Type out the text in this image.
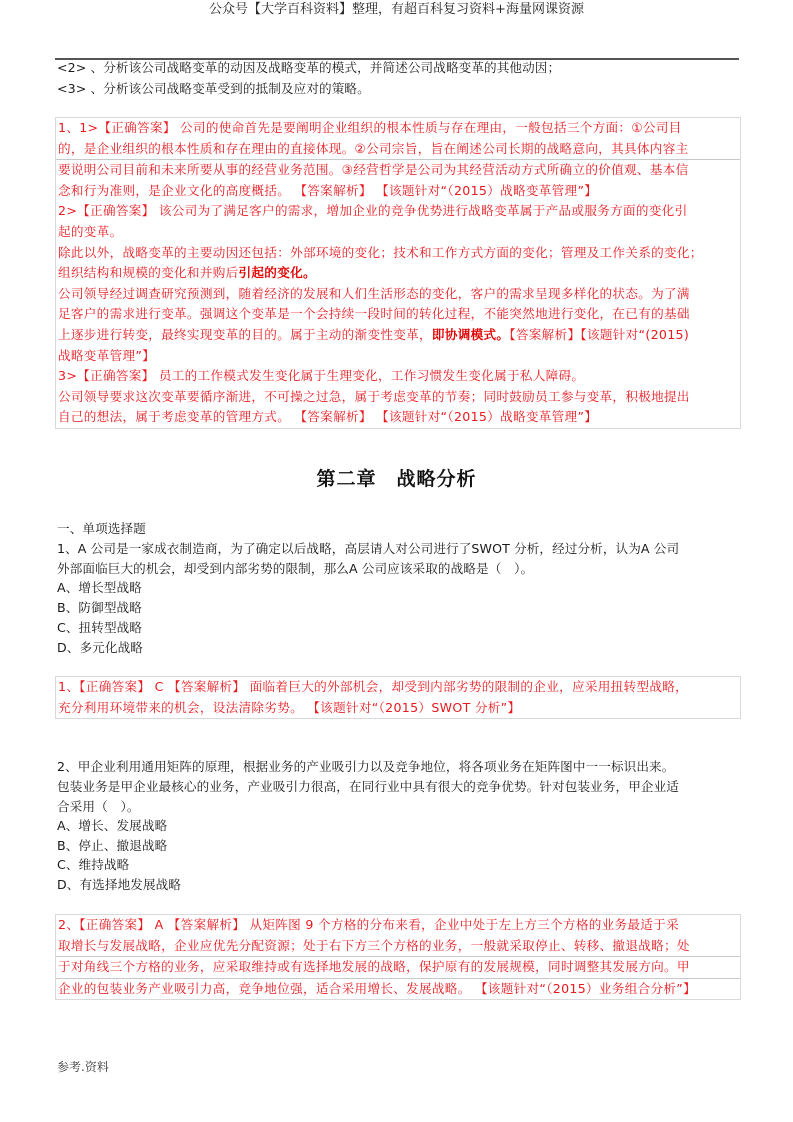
公众号【大学百科资料】整理，有超百科复习资料+海量网课资源
<2> 、分析该公司战略变革的动因及战略变革的模式，并简述公司战略变革的其他动因；
<3> 、分析该公司战略变革受到的抵制及应对的策略。
1、1>【正确答案】 公司的使命首先是要阐明企业组织的根本性质与存在理由，一般包括三个方面：①公司目
的，是企业组织的根本性质和存在理由的直接体现。②公司宗旨，旨在阐述公司长期的战略意向，其具体内容主
要说明公司目前和未来所要从事的经营业务范围。③经营哲学是公司为其经营活动方式所确立的价值观、基本信
念和行为准则，是企业文化的高度概括。 【答案解析】 【该题针对“（2015）战略变革管理”】
2>【正确答案】 该公司为了满足客户的需求，增加企业的竞争优势进行战略变革属于产品或服务方面的变化引
起的变革。
除此以外，战略变革的主要动因还包括：外部环境的变化；技术和工作方式方面的变化；管理及工作关系的变化；
组织结构和规模的变化和并购后引起的变化。
公司领导经过调查研究预测到，随着经济的发展和人们生活形态的变化，客户的需求呈现多样化的状态。为了满
足客户的需求进行变革。强调这个变革是一个会持续一段时间的转化过程，不能突然地进行变化，在已有的基础
上逐步进行转变，最终实现变革的目的。属于主动的渐变性变革，即协调模式。【答案解析】【该题针对“(2015)
战略变革管理”】
3>【正确答案】 员工的工作模式发生变化属于生理变化，工作习惯发生变化属于私人障碍。
公司领导要求这次变革要循序渐进，不可操之过急，属于考虑变革的节奏；同时鼓励员工参与变革，积极地提出
自己的想法，属于考虑变革的管理方式。 【答案解析】 【该题针对“（2015）战略变革管理”】
第二章　战略分析
一、单项选择题
1、A 公司是一家成衣制造商，为了确定以后战略，高层请人对公司进行了SWOT 分析，经过分析，认为A 公司
外部面临巨大的机会，却受到内部劣势的限制，那么A 公司应该采取的战略是（　）。
A、增长型战略
B、防御型战略
C、扭转型战略
D、多元化战略
1、【正确答案】 C 【答案解析】 面临着巨大的外部机会，却受到内部劣势的限制的企业，应采用扭转型战略，
充分利用环境带来的机会，设法清除劣势。 【该题针对“（2015）SWOT 分析”】
2、甲企业利用通用矩阵的原理，根据业务的产业吸引力以及竞争地位，将各项业务在矩阵图中一一标识出来。
包装业务是甲企业最核心的业务，产业吸引力很高，在同行业中具有很大的竞争优势。针对包装业务，甲企业适
合采用（　）。
A、增长、发展战略
B、停止、撤退战略
C、维持战略
D、有选择地发展战略
2、【正确答案】 A 【答案解析】 从矩阵图 9 个方格的分布来看，企业中处于左上方三个方格的业务最适于采
取增长与发展战略，企业应优先分配资源；处于右下方三个方格的业务，一般就采取停止、转移、撤退战略；处
于对角线三个方格的业务，应采取维持或有选择地发展的战略，保护原有的发展规模，同时调整其发展方向。甲
企业的包装业务产业吸引力高，竞争地位强，适合采用增长、发展战略。 【该题针对“（2015）业务组合分析”】
参考.资料
